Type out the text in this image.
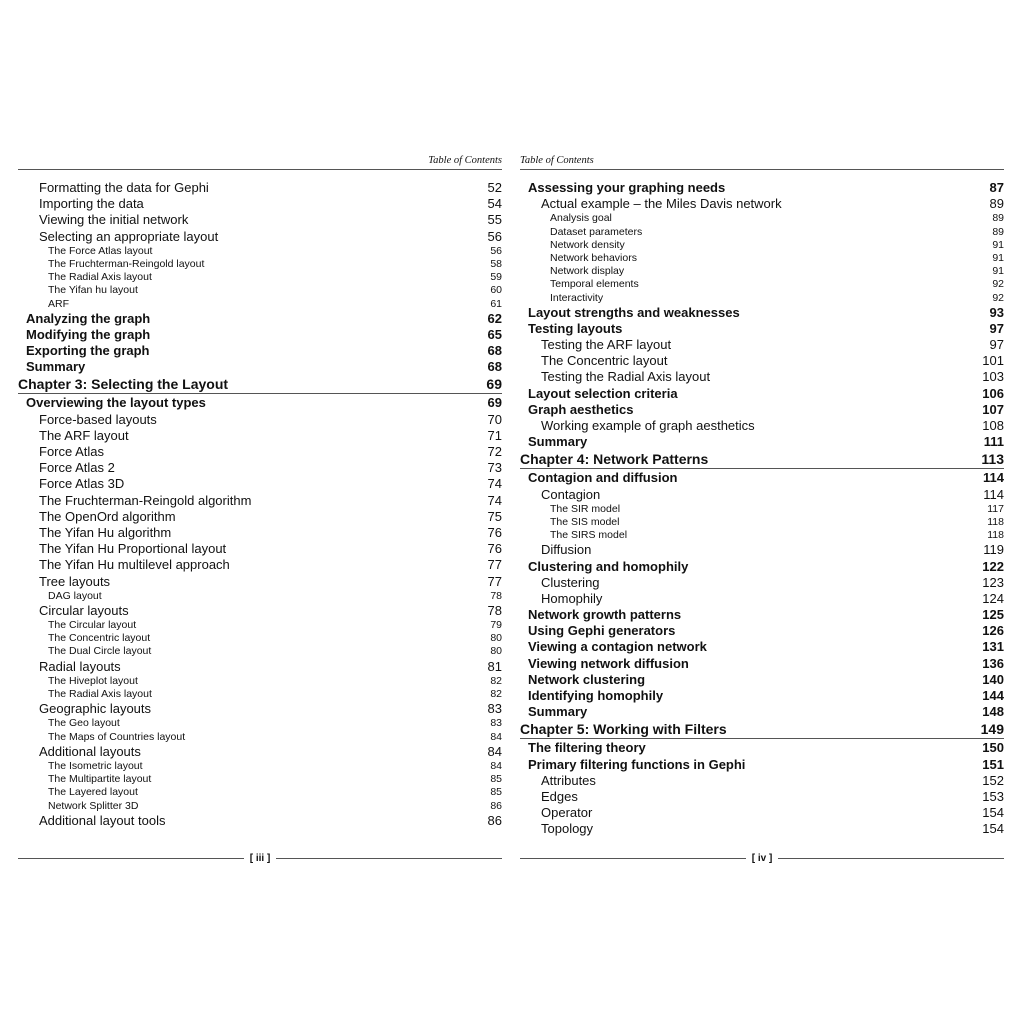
Table of Contents
Formatting the data for Gephi	52
Importing the data	54
Viewing the initial network	55
Selecting an appropriate layout	56
The Force Atlas layout	56
The Fruchterman-Reingold layout	58
The Radial Axis layout	59
The Yifan hu layout	60
ARF	61
Analyzing the graph	62
Modifying the graph	65
Exporting the graph	68
Summary	68
Chapter 3: Selecting the Layout	69
Overviewing the layout types	69
Force-based layouts	70
The ARF layout	71
Force Atlas	72
Force Atlas 2	73
Force Atlas 3D	74
The Fruchterman-Reingold algorithm	74
The OpenOrd algorithm	75
The Yifan Hu algorithm	76
The Yifan Hu Proportional layout	76
The Yifan Hu multilevel approach	77
Tree layouts	77
DAG layout	78
Circular layouts	78
The Circular layout	79
The Concentric layout	80
The Dual Circle layout	80
Radial layouts	81
The Hiveplot layout	82
The Radial Axis layout	82
Geographic layouts	83
The Geo layout	83
The Maps of Countries layout	84
Additional layouts	84
The Isometric layout	84
The Multipartite layout	85
The Layered layout	85
Network Splitter 3D	86
Additional layout tools	86
Table of Contents
Assessing your graphing needs	87
Actual example – the Miles Davis network	89
Analysis goal	89
Dataset parameters	89
Network density	91
Network behaviors	91
Network display	91
Temporal elements	92
Interactivity	92
Layout strengths and weaknesses	93
Testing layouts	97
Testing the ARF layout	97
The Concentric layout	101
Testing the Radial Axis layout	103
Layout selection criteria	106
Graph aesthetics	107
Working example of graph aesthetics	108
Summary	111
Chapter 4: Network Patterns	113
Contagion and diffusion	114
Contagion	114
The SIR model	117
The SIS model	118
The SIRS model	118
Diffusion	119
Clustering and homophily	122
Clustering	123
Homophily	124
Network growth patterns	125
Using Gephi generators	126
Viewing a contagion network	131
Viewing network diffusion	136
Network clustering	140
Identifying homophily	144
Summary	148
Chapter 5: Working with Filters	149
The filtering theory	150
Primary filtering functions in Gephi	151
Attributes	152
Edges	153
Operator	154
Topology	154
[ iii ]	[ iv ]
